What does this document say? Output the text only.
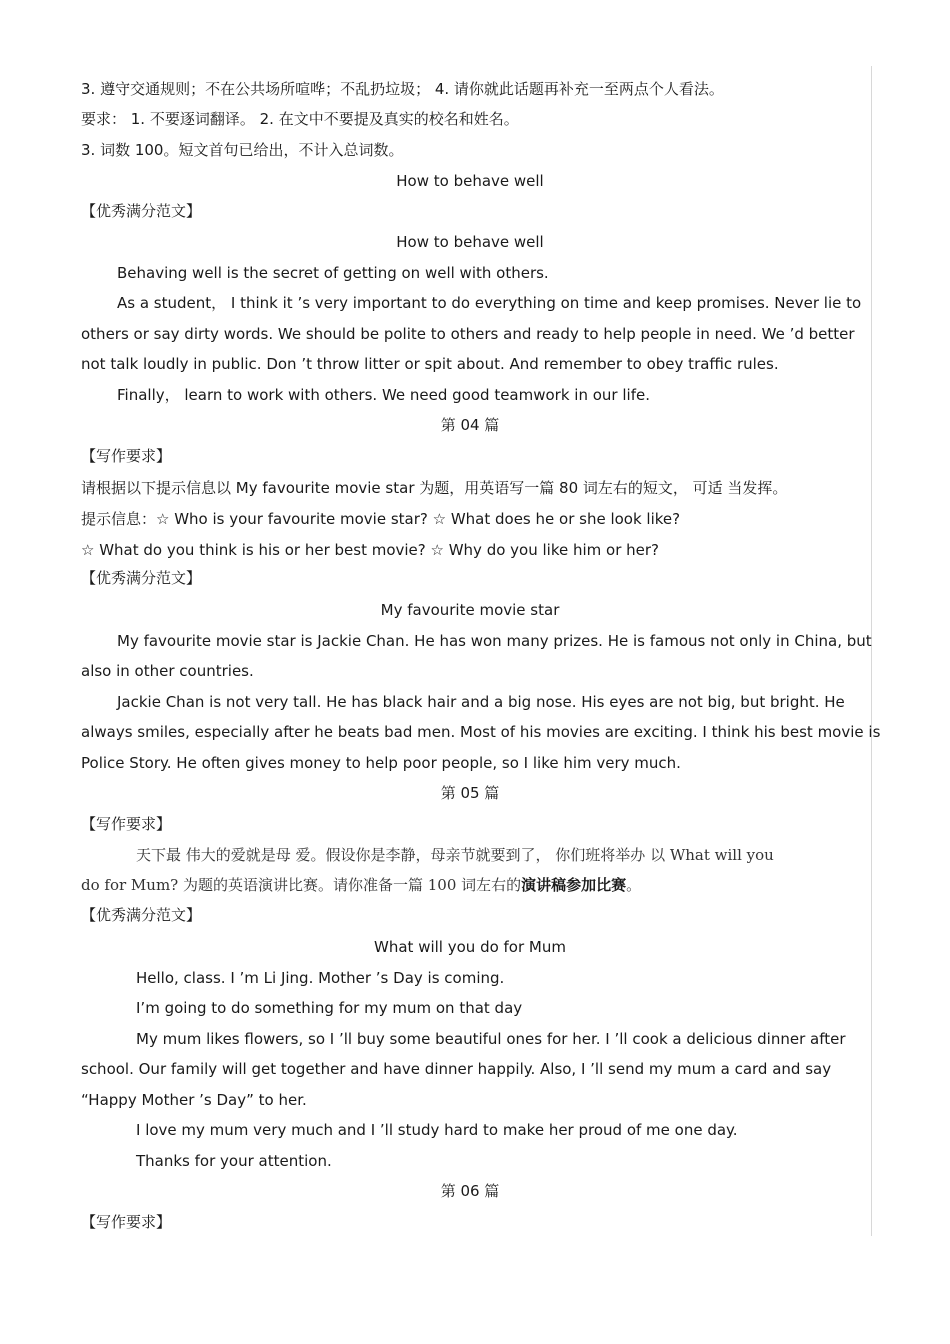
3. 遵守交通规则；不在公共场所喧哗；不乱扔垃圾； 4. 请你就此话题再补充一至两点个人看法。
要求： 1. 不要逐词翻译。 2. 在文中不要提及真实的校名和姓名。
3. 词数 100。短文首句已给出，不计入总词数。
How to behave well
【优秀满分范文】
How to behave well
Behaving well is the secret of getting on well with others.
As a student， I think it ’s very important to do everything on time and keep promises. Never lie to
others or say dirty words. We should be polite to others and ready to help people in need. We ’d better
not talk loudly in public. Don ’t throw litter or spit about. And remember to obey traffic rules.
Finally， learn to work with others. We need good teamwork in our life.
第 04 篇
【写作要求】
请根据以下提示信息以 My favourite movie star 为题，用英语写一篇 80 词左右的短文， 可适 当发挥。
提示信息：☆ Who is your favourite movie star? ☆ What does he or she look like?
☆ What do you think is his or her best movie? ☆ Why do you like him or her?
【优秀满分范文】
My favourite movie star
My favourite movie star is Jackie Chan. He has won many prizes. He is famous not only in China, but
also in other countries.
Jackie Chan is not very tall. He has black hair and a big nose. His eyes are not big, but bright. He
always smiles, especially after he beats bad men. Most of his movies are exciting. I think his best movie is
Police Story. He often gives money to help poor people, so I like him very much.
第 05 篇
【写作要求】
天下最 伟大的爱就是母 爱。假设你是李静，母亲节就要到了， 你们班将举办 以 What will you
do for Mum? 为题的英语演讲比赛。请你准备一篇 100 词左右的演讲稿参加比赛。
【优秀满分范文】
What will you do for Mum
Hello, class. I ’m Li Jing. Mother ’s Day is coming.
I’m going to do something for my mum on that day
My mum likes flowers, so I ’ll buy some beautiful ones for her. I ’ll cook a delicious dinner after
school. Our family will get together and have dinner happily. Also, I ’ll send my mum a card and say
“Happy Mother ’s Day” to her.
I love my mum very much and I ’ll study hard to make her proud of me one day.
Thanks for your attention.
第 06 篇
【写作要求】
